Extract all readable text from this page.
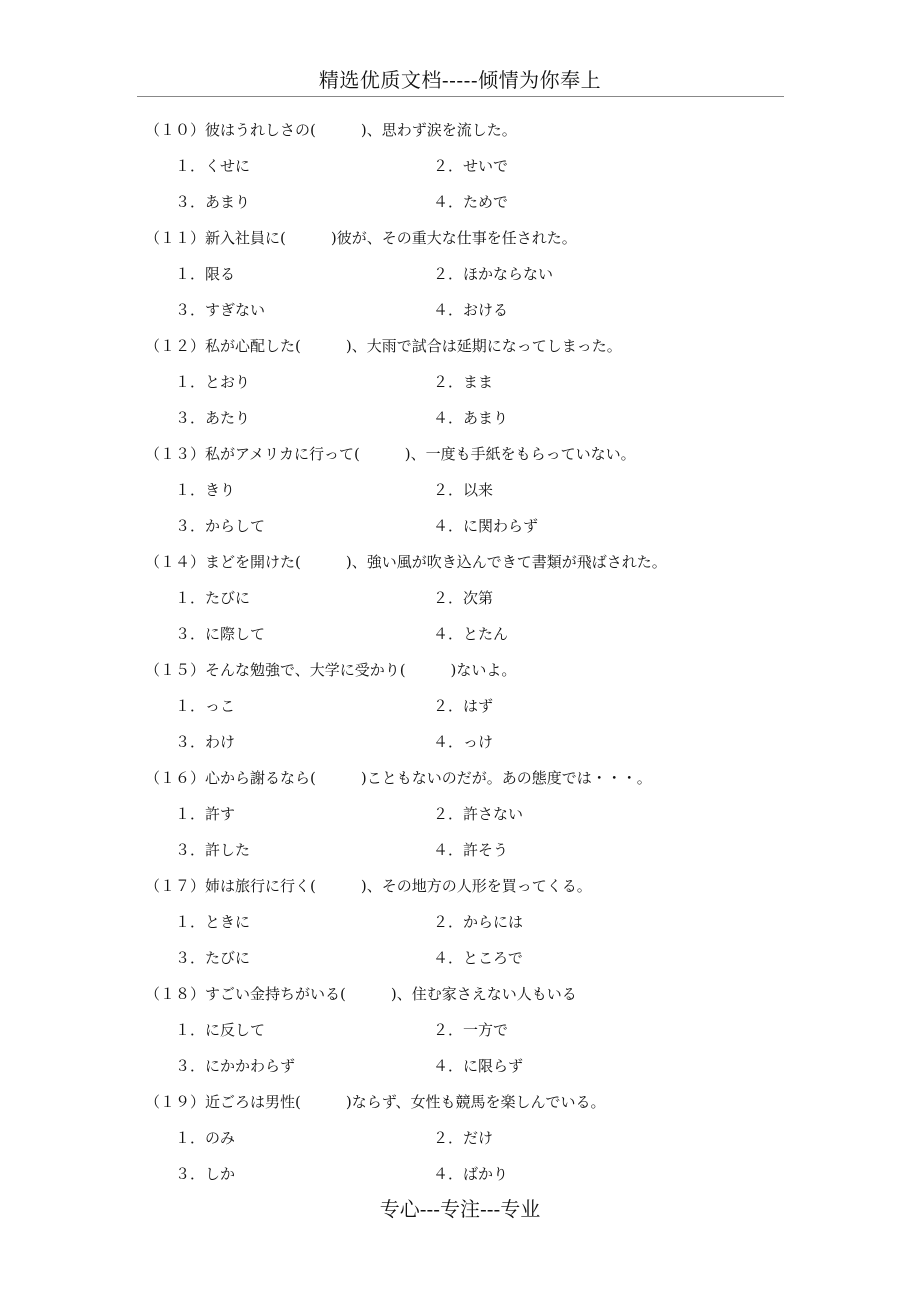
精选优质文档-----倾情为你奉上
（１０）彼はうれしさの(　　　)、思わず涙を流した。
１．くせに	２．せいで
３．あまり	４．ためで
（１１）新入社員に(　　　)彼が、その重大な仕事を任された。
１．限る	２．ほかならない
３．すぎない	４．おける
（１２）私が心配した(　　　)、大雨で試合は延期になってしまった。
１．とおり	２．まま
３．あたり	４．あまり
（１３）私がアメリカに行って(　　　)、一度も手紙をもらっていない。
１．きり	２．以来
３．からして	４．に関わらず
（１４）まどを開けた(　　　)、強い風が吹き込んできて書類が飛ばされた。
１．たびに	２．次第
３．に際して	４．とたん
（１５）そんな勉強で、大学に受かり(　　　)ないよ。
１．っこ	２．はず
３．わけ	４．っけ
（１６）心から謝るなら(　　　)こともないのだが。あの態度では・・・。
１．許す	２．許さない
３．許した	４．許そう
（１７）姉は旅行に行く(　　　)、その地方の人形を買ってくる。
１．ときに	２．からには
３．たびに	４．ところで
（１８）すごい金持ちがいる(　　　)、住む家さえない人もいる
１．に反して	２．一方で
３．にかかわらず	４．に限らず
（１９）近ごろは男性(　　　)ならず、女性も競馬を楽しんでいる。
１．のみ	２．だけ
３．しか	４．ばかり
专心---专注---专业
